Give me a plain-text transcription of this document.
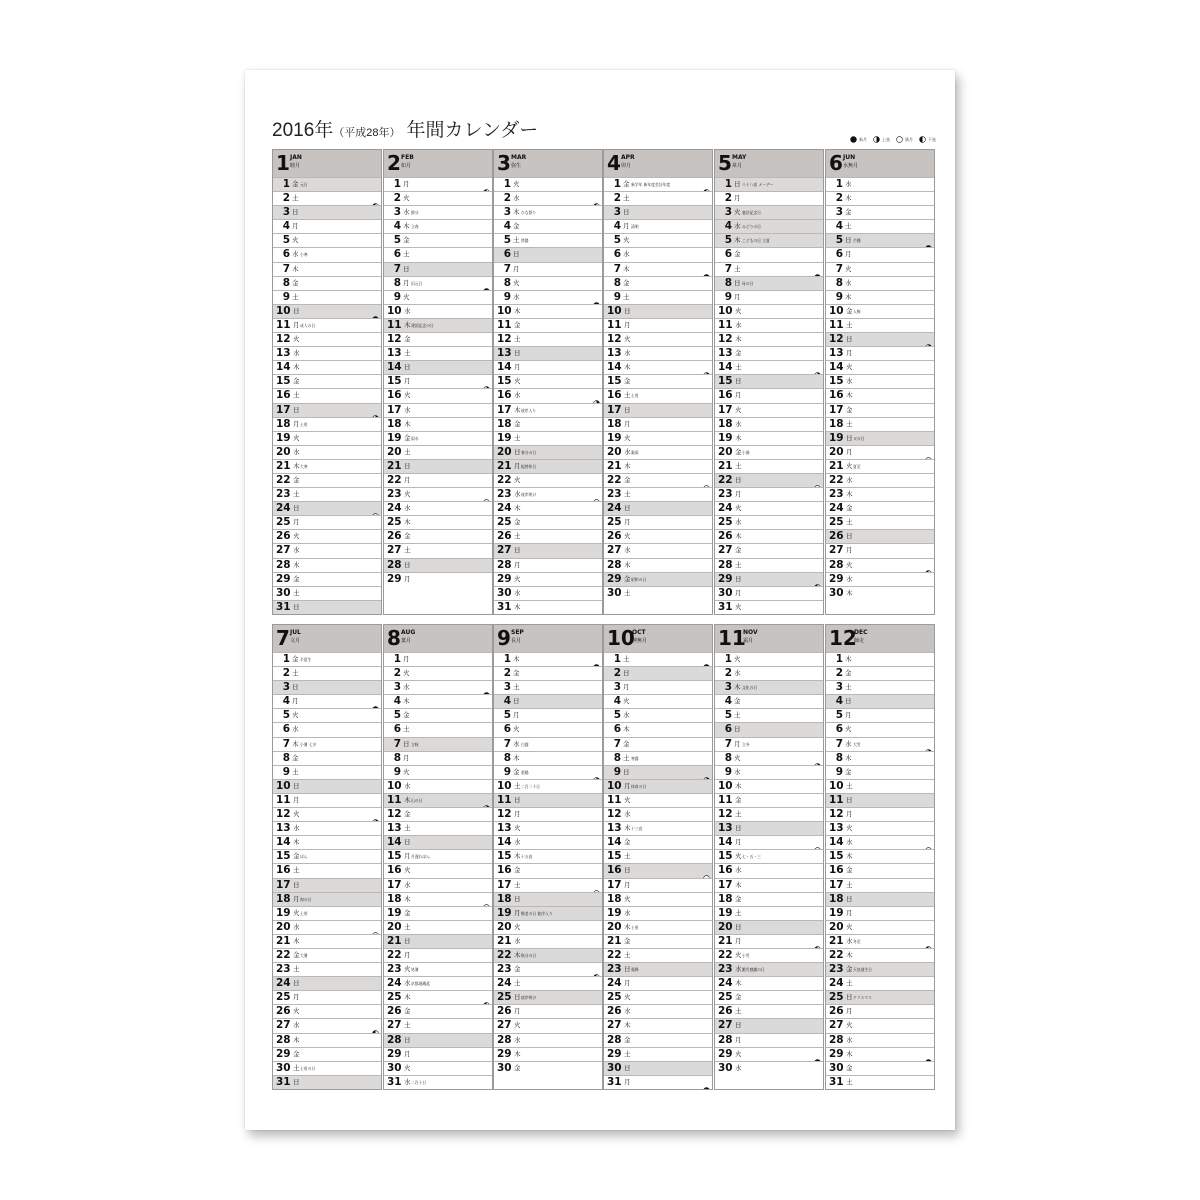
2016年（平成28年） 年間カレンダー	新月	上弦	満月	下弦
1 JAN
睦月
1 金 元日
2 土
3 日
4 月
5 火
6 水 小寒
7 木
8 金
9 土
10 日
11 月 成人の日
12 火
13 水
14 木
15 金
16 土
17 日
18 月 土用
19 火
20 水
21 木 大寒
22 金
23 土
24 日
25 月
26 火
27 水
28 木
29 金
30 土
31 日
2 FEB
如月
1 月
2 火
3 水 節分
4 木 立春
5 金
6 土
7 日
8 月 旧元日
9 火
10 水
11 木 建国記念の日
12 金
13 土
14 日
15 月
16 火
17 水
18 木
19 金 雨水
20 土
21 日
22 月
23 火
24 水
25 木
26 金
27 土
28 日
29 月
3 MAR
弥生
1 火
2 水
3 木 ひな祭り
4 金
5 土 啓蟄
6 日
7 月
8 火
9 水
10 木
11 金
12 土
13 日
14 月
15 火
16 水
17 木 彼岸入り
18 金
19 土
20 日 春分の日
21 月 振替休日
22 火
23 水 彼岸明け
24 木
25 金
26 土
27 日
28 月
29 火
30 水
31 木
4 APR
卯月
1 金 新学年 新年度会計年度
2 土
3 日
4 月 清明
5 火
6 水
7 木
8 金
9 土
10 日
11 月
12 火
13 水
14 木
15 金
16 土 土用
17 日
18 月
19 火
20 水 穀雨
21 木
22 金
23 土
24 日
25 月
26 火
27 水
28 木
29 金 昭和の日
30 土
5 MAY
皐月
1 日 八十八夜 メーデー
2 月
3 火 憲法記念日
4 水 みどりの日
5 木 こどもの日 立夏
6 金
7 土
8 日 母の日
9 月
10 火
11 水
12 木
13 金
14 土
15 日
16 月
17 火
18 水
19 木
20 金 小満
21 土
22 日
23 月
24 火
25 水
26 木
27 金
28 土
29 日
30 月
31 火
6 JUN
水無月
1 水
2 木
3 金
4 土
5 日 芒種
6 月
7 火
8 水
9 木
10 金 入梅
11 土
12 日
13 月
14 火
15 水
16 木
17 金
18 土
19 日 父の日
20 月
21 火 夏至
22 水
23 木
24 金
25 土
26 日
27 月
28 火
29 水
30 木
7 JUL
文月
1 金 半夏生
2 土
3 日
4 月
5 火
6 水
7 木 小暑 七夕
8 金
9 土
10 日
11 月
12 火
13 水
14 木
15 金 ぼん
16 土
17 日
18 月 海の日
19 火 土用
20 水
21 木
22 金 大暑
23 土
24 日
25 月
26 火
27 水
28 木
29 金
30 土 土用の丑
31 日
8 AUG
葉月
1 月
2 火
3 水
4 木
5 金
6 土
7 日 立秋
8 月
9 火
10 水
11 木 山の日
12 金
13 土
14 日
15 月 月遅れぼん
16 火
17 水
18 木
19 金
20 土
21 日
22 月
23 火 処暑
24 水 京都地蔵盆
25 木
26 金
27 土
28 日
29 月
30 火
31 水 二百十日
9 SEP
長月
1 木
2 金
3 土
4 日
5 月
6 火
7 水 白露
8 木
9 金 重陽
10 土 二百二十日
11 日
12 月
13 火
14 水
15 木 十五夜
16 金
17 土
18 日
19 月 敬老の日 彼岸入り
20 火
21 水
22 木 秋分の日
23 金
24 土
25 日 彼岸明け
26 月
27 火
28 水
29 木
30 金
10
OCT
神無月
1 土
2 日
3 月
4 火
5 水
6 木
7 金
8 土 寒露
9 日
10 月 体育の日
11 火
12 水
13 木 十三夜
14 金
15 土
16 日
17 月
18 火
19 水
20 木 土用
21 金
22 土
23 日 霜降
24 月
25 火
26 水
27 木
28 金
29 土
30 日
31 月
11
NOV
霜月
1 火
2 水
3 木 文化の日
4 金
5 土
6 日
7 月 立冬
8 火
9 水
10 木
11 金
12 土
13 日
14 月
15 火 七・五・三
16 水
17 木
18 金
19 土
20 日
21 月
22 火 小雪
23 水 勤労感謝の日
24 木
25 金
26 土
27 日
28 月
29 火
30 水
12
DEC
師走
1 木
2 金
3 土
4 日
5 月
6 火
7 水 大雪
8 木
9 金
10 土
11 日
12 月
13 火
14 水
15 木
16 金
17 土
18 日
19 月
20 火
21 水 冬至
22 木
23 金 天皇誕生日
24 土
25 日 クリスマス
26 月
27 火
28 水
29 木
30 金
31 土
